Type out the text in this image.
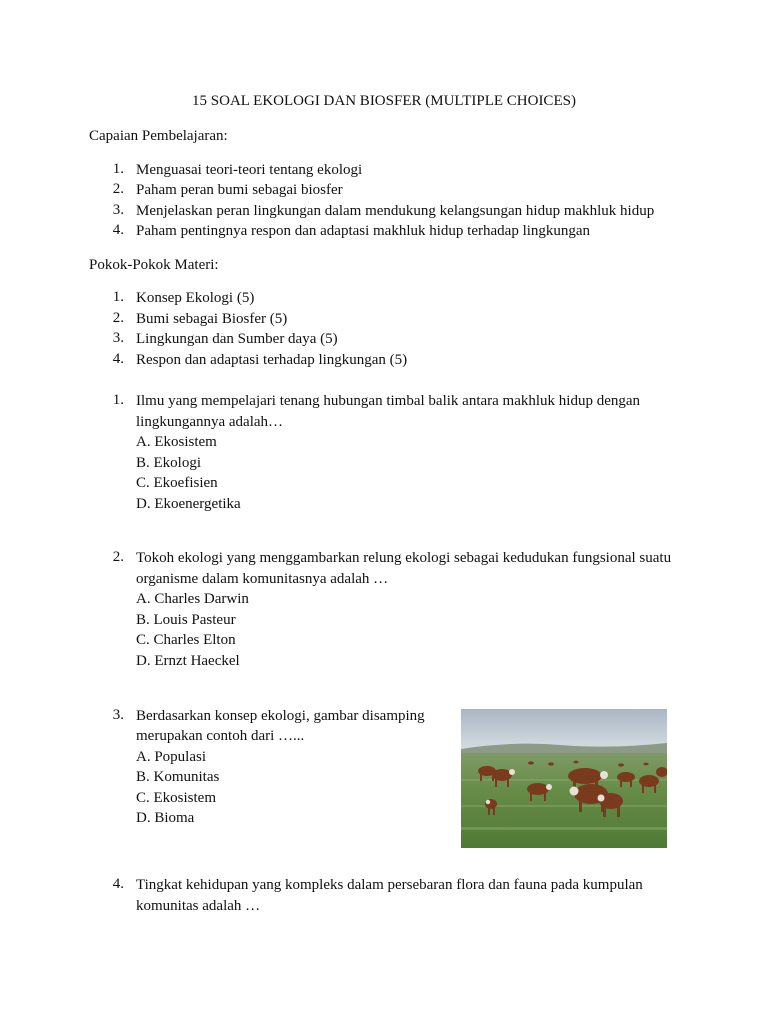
15 SOAL EKOLOGI DAN BIOSFER (MULTIPLE CHOICES)
Capaian Pembelajaran:
1. Menguasai teori-teori tentang ekologi
2. Paham peran bumi sebagai biosfer
3. Menjelaskan peran lingkungan dalam mendukung kelangsungan hidup makhluk hidup
4. Paham pentingnya respon dan adaptasi makhluk hidup terhadap lingkungan
Pokok-Pokok Materi:
1. Konsep Ekologi (5)
2. Bumi sebagai Biosfer (5)
3. Lingkungan dan Sumber daya (5)
4. Respon dan adaptasi terhadap lingkungan (5)
1. Ilmu yang mempelajari tenang hubungan timbal balik antara makhluk hidup dengan
lingkungannya adalah…
A. Ekosistem
B. Ekologi
C. Ekoefisien
D. Ekoenergetika
2. Tokoh ekologi yang menggambarkan relung ekologi sebagai kedudukan fungsional suatu
organisme dalam komunitasnya adalah …
A. Charles Darwin
B. Louis Pasteur
C. Charles Elton
D. Ernzt Haeckel
3. Berdasarkan konsep ekologi, gambar disamping
merupakan contoh dari …...
A. Populasi
B. Komunitas
C. Ekosistem
D. Bioma
4. Tingkat kehidupan yang kompleks dalam persebaran flora dan fauna pada kumpulan
komunitas adalah …
